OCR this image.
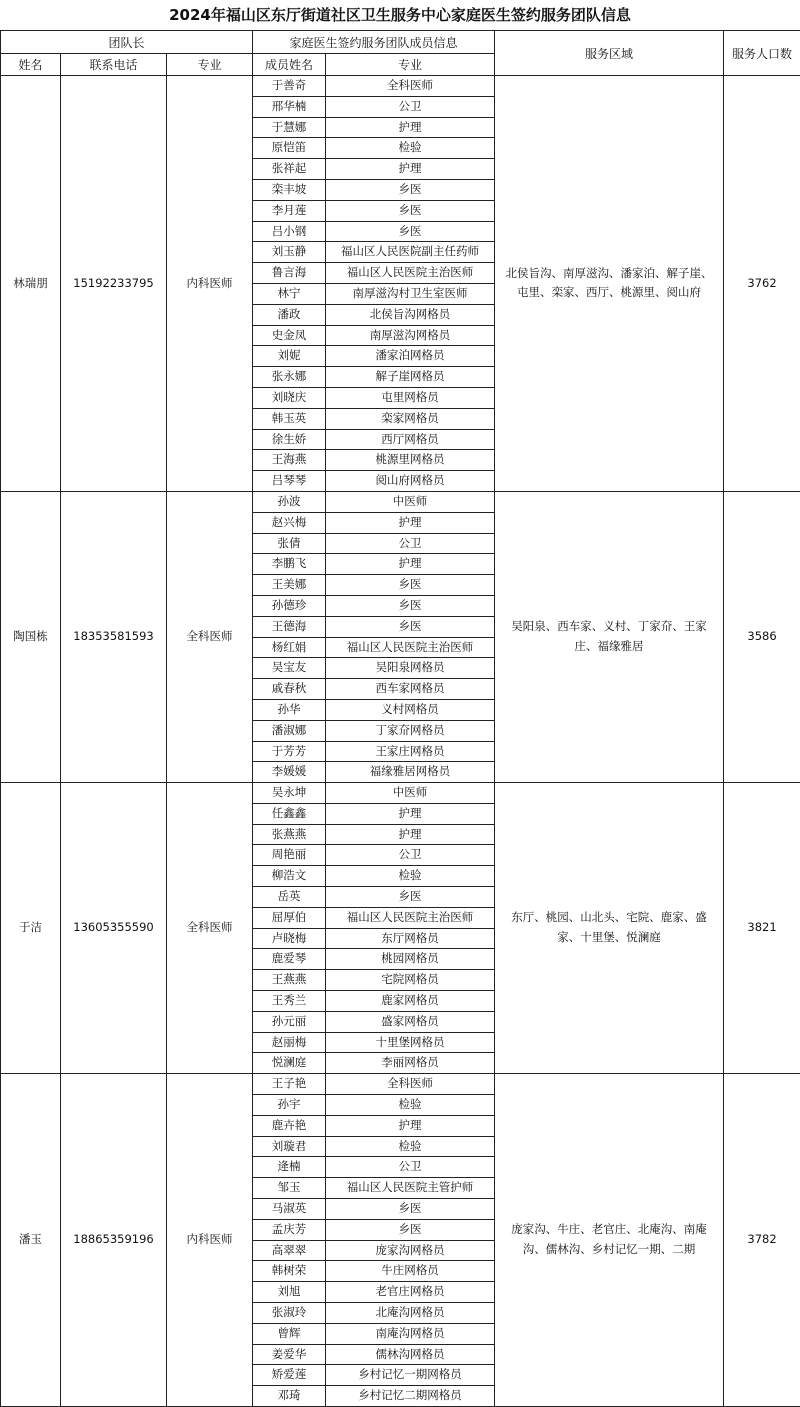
2024年福山区东厅街道社区卫生服务中心家庭医生签约服务团队信息
团队长			家庭医生签约服务团队成员信息		服务区域	服务人口数
姓名	联系电话	专业	成员姓名	专业		
林瑞朋	15192233795	内科医师	于善奇	全科医师	北侯旨沟、南厚滋沟、潘家泊、解子崖、屯里、栾家、西厅、桃源里、阅山府	3762
			邢华楠	公卫		
			于慧娜	护理		
			原恺笛	检验		
			张祥起	护理		
			栾丰坡	乡医		
			李月莲	乡医		
			吕小钢	乡医		
			刘玉静	福山区人民医院副主任药师		
			鲁言海	福山区人民医院主治医师		
			林宁	南厚滋沟村卫生室医师		
			潘政	北侯旨沟网格员		
			史金凤	南厚滋沟网格员		
			刘妮	潘家泊网格员		
			张永娜	解子崖网格员		
			刘晓庆	屯里网格员		
			韩玉英	栾家网格员		
			徐生娇	西厅网格员		
			王海燕	桃源里网格员		
			吕琴琴	阅山府网格员		
陶国栋	18353581593	全科医师	孙波	中医师	吴阳泉、西车家、义村、丁家夼、王家庄、福缘雅居	3586
			赵兴梅	护理		
			张倩	公卫		
			李鹏飞	护理		
			王美娜	乡医		
			孙德珍	乡医		
			王德海	乡医		
			杨红娟	福山区人民医院主治医师		
			吴宝友	吴阳泉网格员		
			戚春秋	西车家网格员		
			孙华	义村网格员		
			潘淑娜	丁家夼网格员		
			于芳芳	王家庄网格员		
			李媛媛	福缘雅居网格员		
于洁	13605355590	全科医师	吴永坤	中医师	东厅、桃园、山北头、宅院、鹿家、盛家、十里堡、悦澜庭	3821
			任鑫鑫	护理		
			张燕燕	护理		
			周艳丽	公卫		
			柳浩文	检验		
			岳英	乡医		
			屈厚伯	福山区人民医院主治医师		
			卢晓梅	东厅网格员		
			鹿爱琴	桃园网格员		
			王燕燕	宅院网格员		
			王秀兰	鹿家网格员		
			孙元丽	盛家网格员		
			赵丽梅	十里堡网格员		
			悦澜庭	李丽网格员		
潘玉	18865359196	内科医师	王子艳	全科医师	庞家沟、牛庄、老官庄、北庵沟、南庵沟、儒林沟、乡村记忆一期、二期	3782
			孙宇	检验		
			鹿卉艳	护理		
			刘璇君	检验		
			逄楠	公卫		
			邹玉	福山区人民医院主管护师		
			马淑英	乡医		
			孟庆芳	乡医		
			高翠翠	庞家沟网格员		
			韩树荣	牛庄网格员		
			刘旭	老官庄网格员		
			张淑玲	北庵沟网格员		
			曾辉	南庵沟网格员		
			姜爱华	儒林沟网格员		
			矫爱莲	乡村记忆一期网格员		
			邓琦	乡村记忆二期网格员		
